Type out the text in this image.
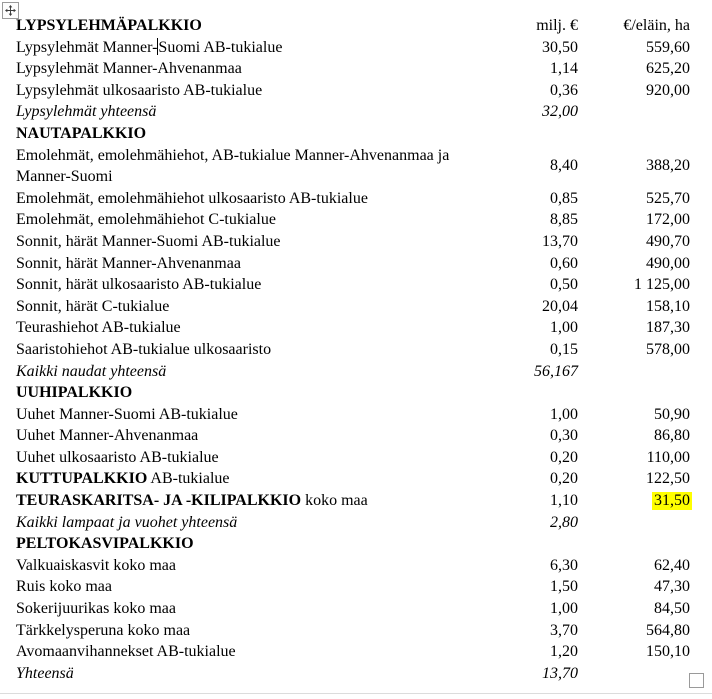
LYPSYLEHMÄPALKKIO	milj. €	€/eläin, ha
Lypsylehmät Manner-Suomi AB-tukialue	30,50	559,60
Lypsylehmät Manner-Ahvenanmaa	1,14	625,20
Lypsylehmät ulkosaaristo AB-tukialue	0,36	920,00
Lypsylehmät yhteensä	32,00
NAUTAPALKKIO
Emolehmät, emolehmähiehot, AB-tukialue Manner-Ahvenanmaa ja
Manner-Suomi
8,40	388,20
Emolehmät, emolehmähiehot ulkosaaristo AB-tukialue	0,85	525,70
Emolehmät, emolehmähiehot C-tukialue	8,85	172,00
Sonnit, härät Manner-Suomi AB-tukialue	13,70	490,70
Sonnit, härät Manner-Ahvenanmaa	0,60	490,00
Sonnit, härät ulkosaaristo AB-tukialue	0,50	1 125,00
Sonnit, härät C-tukialue	20,04	158,10
Teurashiehot AB-tukialue	1,00	187,30
Saaristohiehot AB-tukialue ulkosaaristo	0,15	578,00
Kaikki naudat yhteensä	56,167
UUHIPALKKIO
Uuhet Manner-Suomi AB-tukialue	1,00	50,90
Uuhet Manner-Ahvenanmaa	0,30	86,80
Uuhet ulkosaaristo AB-tukialue	0,20	110,00
KUTTUPALKKIO AB-tukialue	0,20	122,50
TEURASKARITSA- JA -KILIPALKKIO koko maa	1,10	31,50
Kaikki lampaat ja vuohet yhteensä	2,80
PELTOKASVIPALKKIO
Valkuaiskasvit koko maa	6,30	62,40
Ruis koko maa	1,50	47,30
Sokerijuurikas koko maa	1,00	84,50
Tärkkelysperuna koko maa	3,70	564,80
Avomaanvihannekset AB-tukialue	1,20	150,10
Yhteensä	13,70
